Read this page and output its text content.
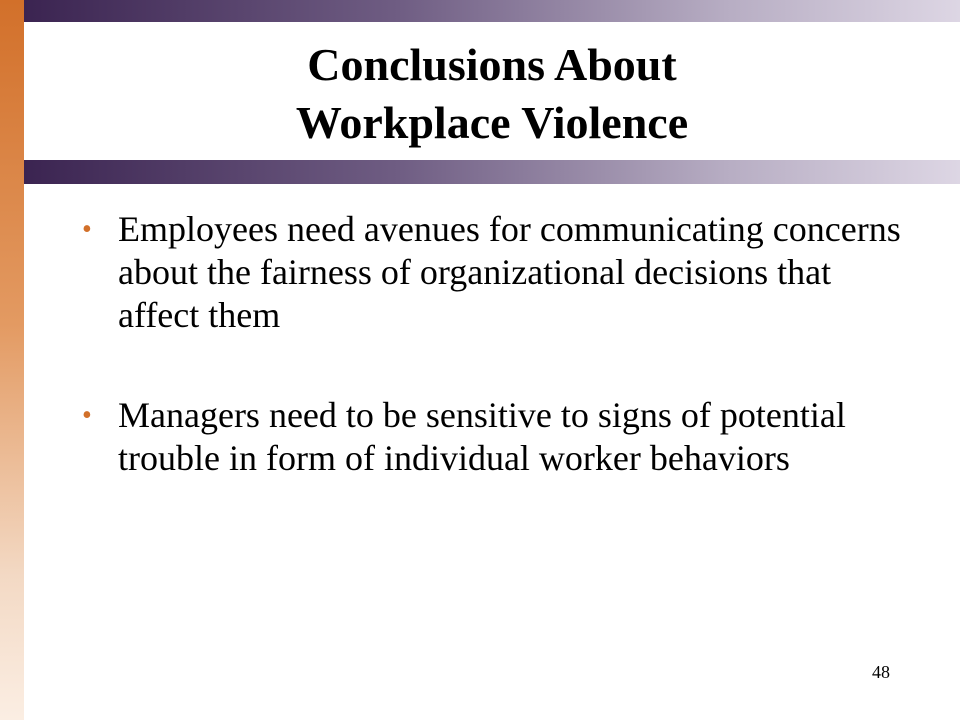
Conclusions About
Workplace Violence
• Employees need avenues for communicating concerns about the fairness of organizational decisions that affect them
• Managers need to be sensitive to signs of potential trouble in form of individual worker behaviors
48
